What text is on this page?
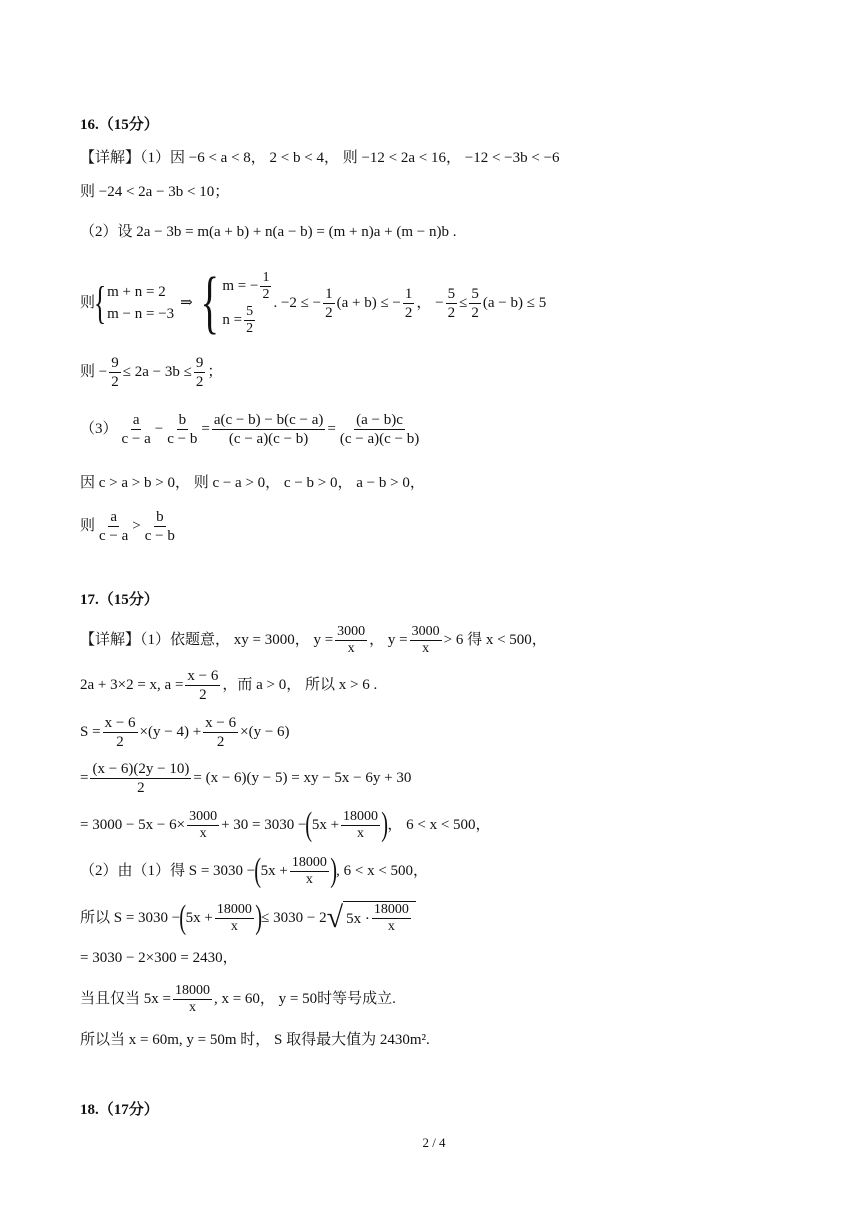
16.（15分）
【详解】（1）因 −6 < a < 8， 2 < b < 4， 则 −12 < 2a < 16， −12 < −3b < −6
则 −24 < 2a − 3b < 10；
（2）设 2a − 3b = m(a + b) + n(a − b) = (m + n)a + (m − n)b .
则
{ m + n = 2
m − n = −3
⇒ { m = − $\frac{1}{2}$
$n = \frac{5}{2}$
. −2 ≤ − $\frac{1}{2} (a + b)$ ≤ − $\frac{1}{2}$ ， − $\frac{5}{2} \le \frac{5}{2} (a - b) \le 5$
则 − $\frac{9}{2} \le 2a - 3b \le \frac{9}{2}$ ；
$(3) \frac{a}{c - a} - \frac{b}{c - b} = \frac{a(c - b) - b(c - a)}{(c - a)(c - b)} = \frac{(a - b)c}{(c - a)(c - b)}$
因 c > a > b > 0， 则 c − a > 0， c − b > 0， a − b > 0，
则 $\frac{a}{c - a} > \frac{b}{c - b}$
17.（15分）
【详解】（1）依题意， xy = 3000， $y = \frac{3000}{x}$ ， $y = \frac{3000}{x} > 6$ 得 x < 500，
2a + 3×2 = x, $a = \frac{x - 6}{2}$ ，而 a > 0， 所以 x > 6 .
$S = \frac{x - 6}{2} \times(y - 4) + \frac{x - 6}{2} \times(y - 6)$
= $\frac{(x - 6)(2y - 10)}{2} = (x - 6)(y - 5)$ = xy − 5x − 6y + 30
= $3000 - 5x - 6\times \frac{3000}{x} + 30 = 3030$ − ( $5x + \frac{18000}{x}$ ) ， 6 < x < 500，
（2）由（1）得 S = 3030 − ( $5x + \frac{18000}{x}$ ) , 6 < x < 500，
所以 S = 3030 − ( $5x + \frac{18000}{x}$ ) ≤ 3030 − 2 √ $5x \cdot \frac{18000}{x}$
= 3030 − 2×300 = 2430，
当且仅当 $5x = \frac{18000}{x}$ , x = 60， y = 50时等号成立.
所以当 x = 60m, y = 50m 时， S 取得最大值为 2430m².
18.（17分）
2 / 4
